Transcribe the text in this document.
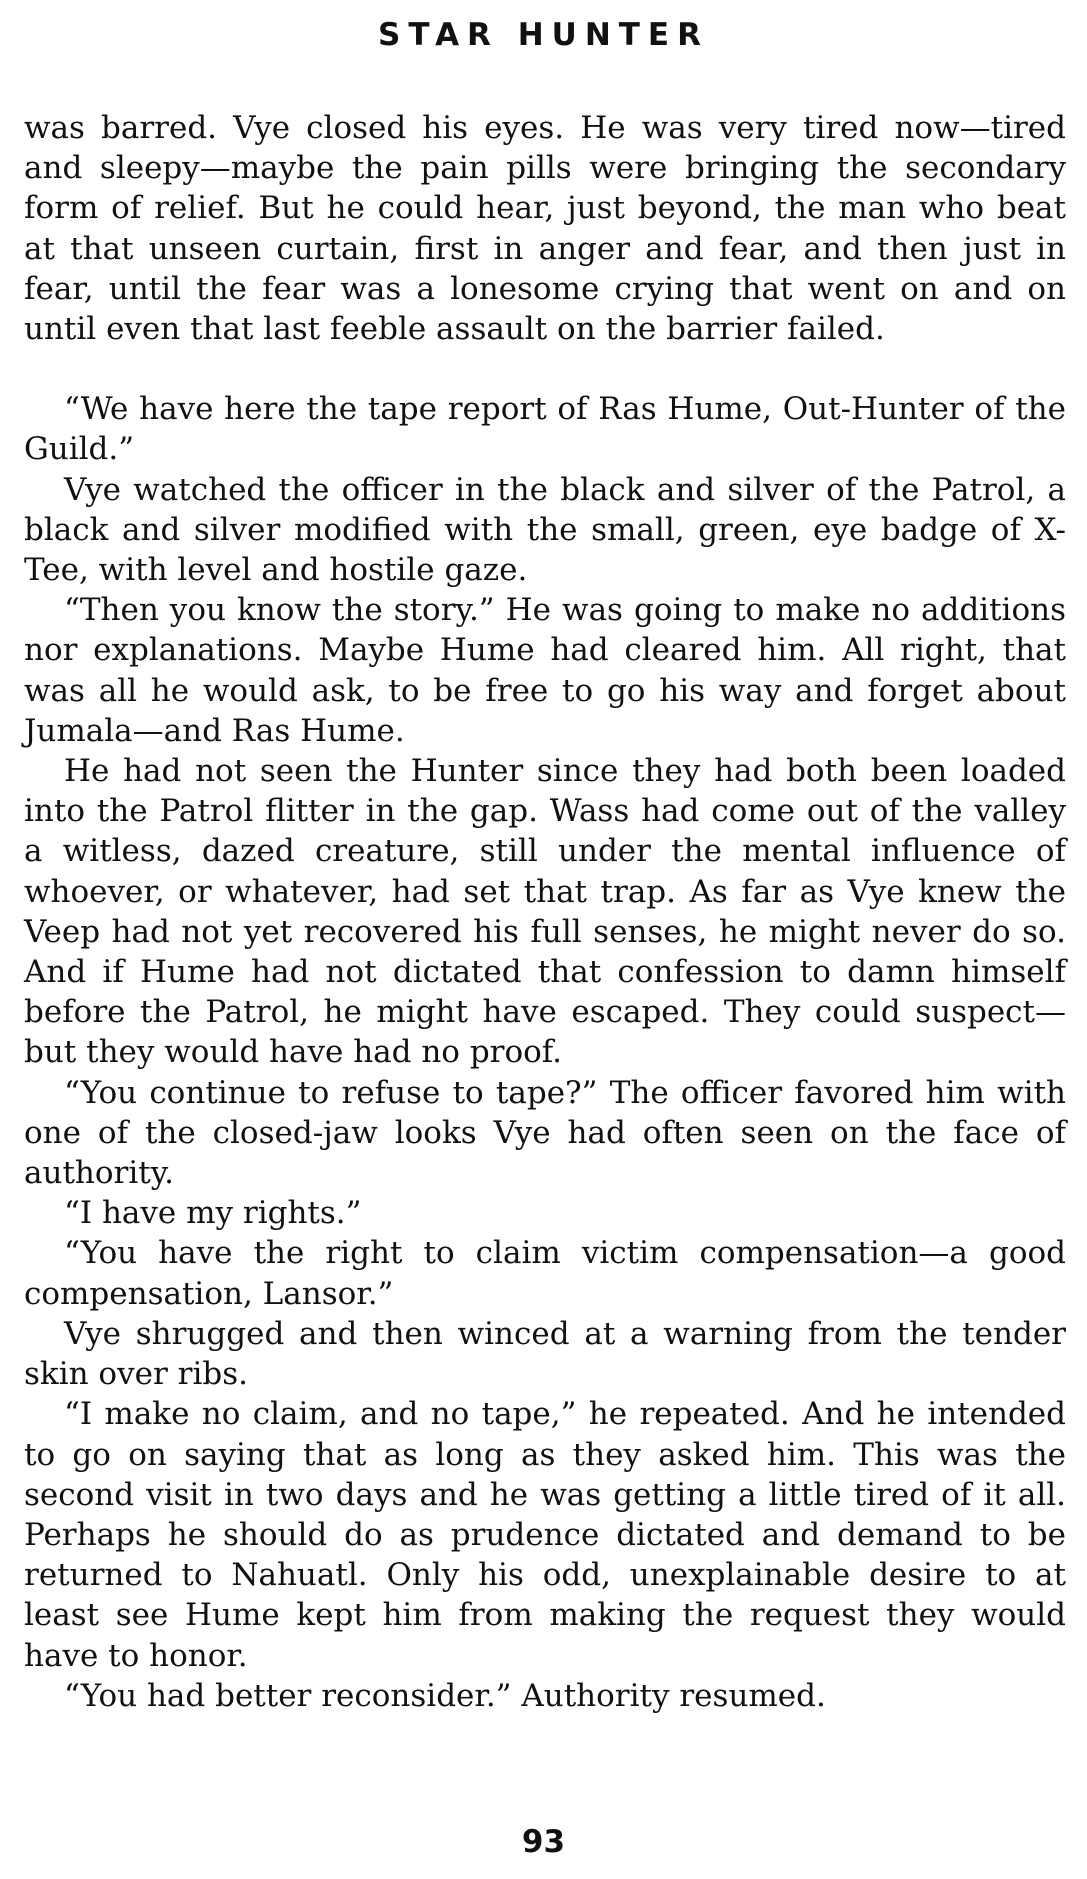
STAR HUNTER

was barred. Vye closed his eyes. He was very tired now—tired and sleepy—maybe the pain pills were bringing the secondary form of relief. But he could hear, just beyond, the man who beat at that unseen curtain, first in anger and fear, and then just in fear, until the fear was a lonesome crying that went on and on until even that last feeble assault on the barrier failed.

“We have here the tape report of Ras Hume, Out-Hunter of the Guild.”

Vye watched the officer in the black and silver of the Patrol, a black and silver modified with the small, green, eye badge of X-Tee, with level and hostile gaze.

“Then you know the story.” He was going to make no additions nor explanations. Maybe Hume had cleared him. All right, that was all he would ask, to be free to go his way and forget about Jumala—and Ras Hume.

He had not seen the Hunter since they had both been loaded into the Patrol flitter in the gap. Wass had come out of the valley a witless, dazed creature, still under the mental influence of whoever, or whatever, had set that trap. As far as Vye knew the Veep had not yet recovered his full senses, he might never do so. And if Hume had not dictated that confession to damn himself before the Patrol, he might have escaped. They could suspect—but they would have had no proof.

“You continue to refuse to tape?” The officer favored him with one of the closed-jaw looks Vye had often seen on the face of authority.

“I have my rights.”

“You have the right to claim victim compensation—a good compensation, Lansor.”

Vye shrugged and then winced at a warning from the tender skin over ribs.

“I make no claim, and no tape,” he repeated. And he intended to go on saying that as long as they asked him. This was the second visit in two days and he was getting a little tired of it all. Perhaps he should do as prudence dictated and demand to be returned to Nahuatl. Only his odd, unexplainable desire to at least see Hume kept him from making the request they would have to honor.

“You had better reconsider.” Authority resumed.

93
